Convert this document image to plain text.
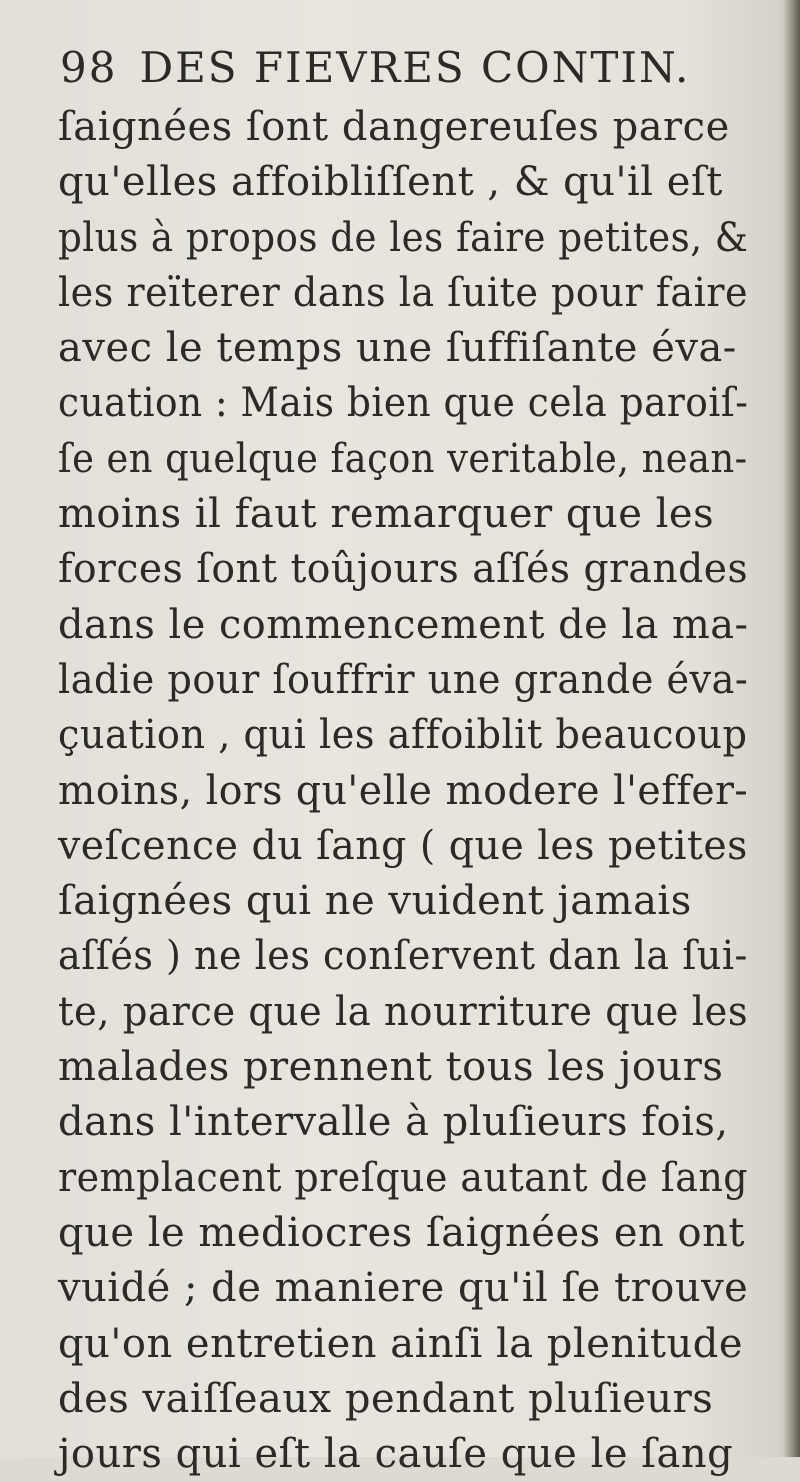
98 DES FIEVRES CONTIN.
ſaignées ſont dangereuſes parce
qu'elles affoibliſſent , & qu'il eſt
plus à propos de les faire petites, &
les reïterer dans la ſuite pour faire
avec le temps une ſuffiſante éva-
cuation : Mais bien que cela paroiſ-
ſe en quelque façon veritable, nean-
moins il faut remarquer que les
forces ſont toûjours aſſés grandes
dans le commencement de la ma-
ladie pour ſouffrir une grande éva-
çuation , qui les affoiblit beaucoup
moins, lors qu'elle modere l'effer-
veſcence du ſang ( que les petites
ſaignées qui ne vuident jamais
aſſés ) ne les conſervent dan la ſui-
te, parce que la nourriture que les
malades prennent tous les jours
dans l'intervalle à pluſieurs fois,
remplacent preſque autant de ſang
que le mediocres ſaignées en ont
vuidé ; de maniere qu'il ſe trouve
qu'on entretien ainſi la plenitude
des vaiſſeaux pendant pluſieurs
jours qui eſt la cauſe que le ſang
